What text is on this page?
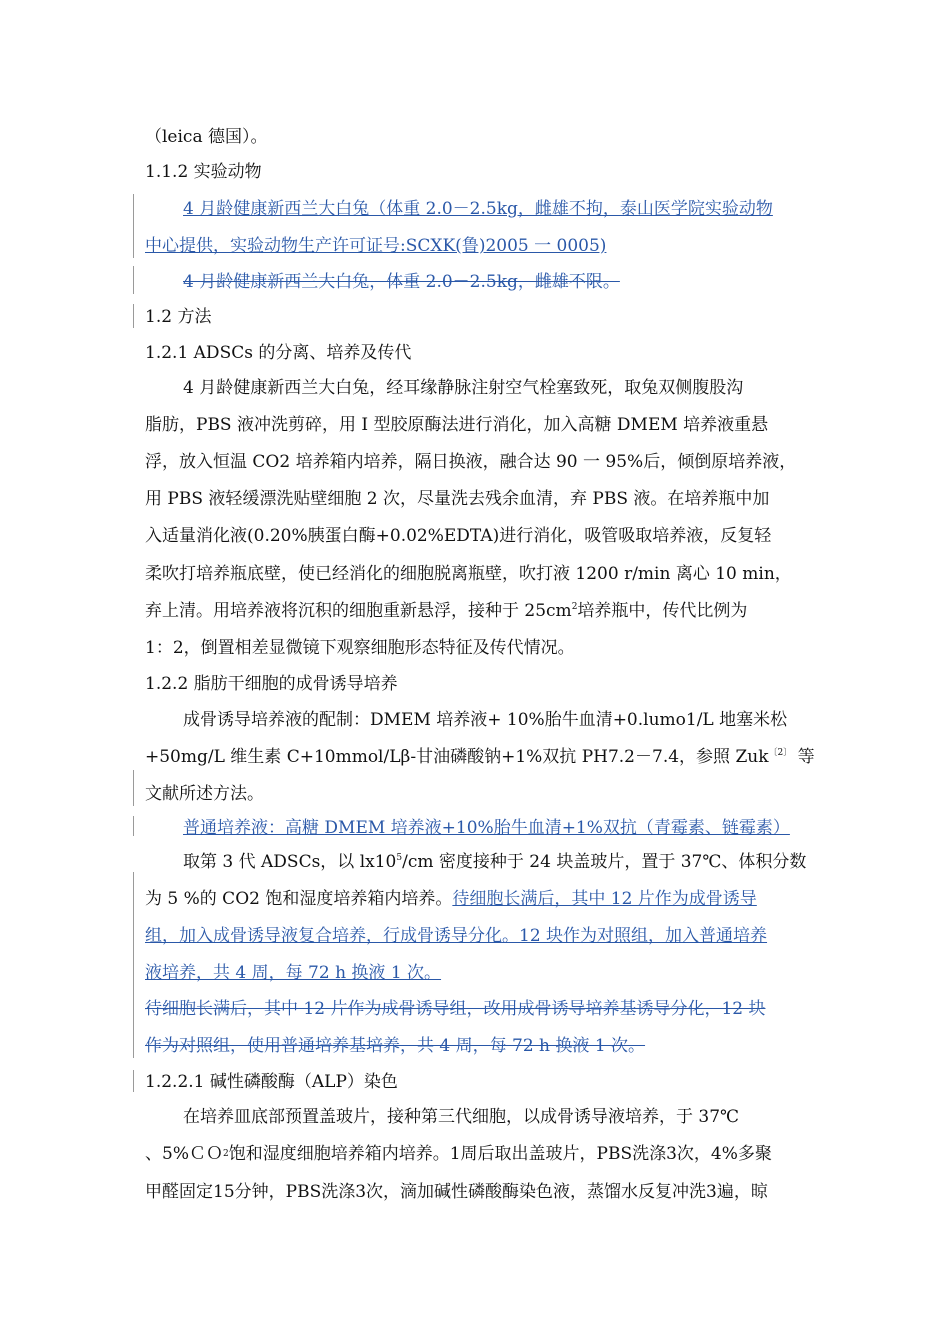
（leica 德国）。
1.1.2 实验动物
4 月龄健康新西兰大白兔（体重 2.0－2.5kg，雌雄不拘，泰山医学院实验动物
中心提供，实验动物生产许可证号:SCXK(鲁)2005 一 0005)
4 月龄健康新西兰大白兔，体重 2.0－2.5kg，雌雄不限。
1.2 方法
1.2.1 ADSCs 的分离、培养及传代
4 月龄健康新西兰大白兔，经耳缘静脉注射空气栓塞致死，取兔双侧腹股沟
脂肪，PBS 液冲洗剪碎，用 I 型胶原酶法进行消化，加入高糖 DMEM 培养液重悬
浮，放入恒温 CO2 培养箱内培养，隔日换液，融合达 90 一 95%后，倾倒原培养液，
用 PBS 液轻缓漂洗贴壁细胞 2 次，尽量洗去残余血清，弃 PBS 液。在培养瓶中加
入适量消化液(0.20%胰蛋白酶+0.02%EDTA)进行消化，吸管吸取培养液，反复轻
柔吹打培养瓶底壁，使已经消化的细胞脱离瓶壁，吹打液 1200 r/min 离心 10 min，
弃上清。用培养液将沉积的细胞重新悬浮，接种于 $25cm^2$培养瓶中，传代比例为
1：2，倒置相差显微镜下观察细胞形态特征及传代情况。
1.2.2 脂肪干细胞的成骨诱导培养
成骨诱导培养液的配制：DMEM 培养液+ 10%胎牛血清+0.lumo1/L 地塞米松
+50mg/L 维生素 C+10mmol/Lβ-甘油磷酸钠+1%双抗 PH7.2－7.4，参照 Zuk$^{〔2〕}$ 等
文献所述方法。
普通培养液：高糖 DMEM 培养液+10%胎牛血清+1%双抗（青霉素、链霉素）
取第 3 代 ADSCs，以 $lx10^5/cm$ 密度接种于 24 块盖玻片，置于 37℃、体积分数
为 5 %的 CO2 饱和湿度培养箱内培养。待细胞长满后，其中 12 片作为成骨诱导
组，加入成骨诱导液复合培养，行成骨诱导分化。12 块作为对照组，加入普通培养
液培养，共 4 周，每 72 h 换液 1 次。
待细胞长满后，其中 12 片作为成骨诱导组，改用成骨诱导培养基诱导分化，12 块
作为对照组，使用普通培养基培养，共 4 周，每 72 h 换液 1 次。
1.2.2.1 碱性磷酸酶（ALP）染色
在培养皿底部预置盖玻片，接种第三代细胞，以成骨诱导液培养，于 37℃
、5%ＣＯ2饱和湿度细胞培养箱内培养。1周后取出盖玻片，PBS洗涤3次，4%多聚
甲醛固定15分钟，PBS洗涤3次，滴加碱性磷酸酶染色液，蒸馏水反复冲洗3遍，晾
